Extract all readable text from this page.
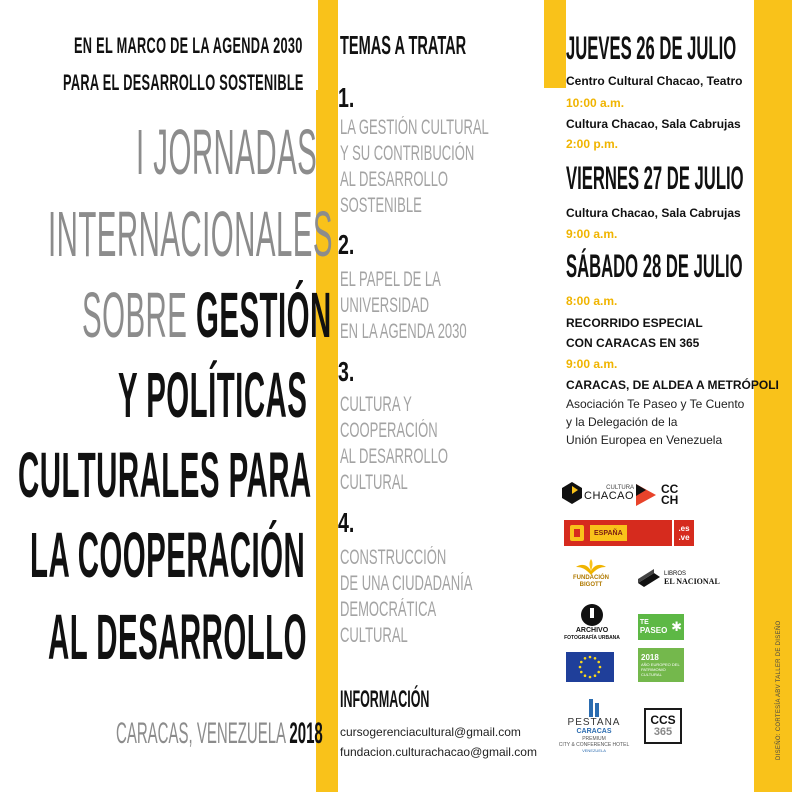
EN EL MARCO DE LA AGENDA 2030
PARA EL DESARROLLO SOSTENIBLE
I JORNADAS
INTERNACIONALES
SOBRE GESTIÓN
Y POLÍTICAS
CULTURALES PARA
LA COOPERACIÓN
AL DESARROLLO
CARACAS, VENEZUELA 2018
TEMAS A TRATAR
1.
LA GESTIÓN CULTURAL
Y SU CONTRIBUCIÓN
AL DESARROLLO
SOSTENIBLE
2.
EL PAPEL DE LA
UNIVERSIDAD
EN LA AGENDA 2030
3.
CULTURA Y
COOPERACIÓN
AL DESARROLLO
CULTURAL
4.
CONSTRUCCIÓN
DE UNA CIUDADANÍA
DEMOCRÁTICA
CULTURAL
INFORMACIÓN
cursogerenciacultural@gmail.com
fundacion.culturachacao@gmail.com
JUEVES 26 DE JULIO
Centro Cultural Chacao, Teatro
10:00 a.m.
Cultura Chacao, Sala Cabrujas
2:00 p.m.
VIERNES 27 DE JULIO
Cultura Chacao, Sala Cabrujas
9:00 a.m.
SÁBADO 28 DE JULIO
8:00 a.m.
RECORRIDO ESPECIAL
CON CARACAS EN 365
9:00 a.m.
CARACAS, DE ALDEA A METRÓPOLI
Asociación Te Paseo y Te Cuento
y la Delegación de la
Unión Europea en Venezuela
CULTURA
CHACAO CC
CH
ESPAÑA	.es
.ve
FUNDACIÓN
BIGOTT
LIBROS
EL NACIONAL
ARCHIVO
FOTOGRAFÍA URBANA
TE
PASEO ✱
2018
AÑO EUROPEO DEL PATRIMONIO CULTURAL
PESTANA
CARACAS
PREMIUM
CITY & CONFERENCE HOTEL
VENEZUELA
CCS
365	DISEÑO: CORTESÍA ABV TALLER DE DISEÑO
